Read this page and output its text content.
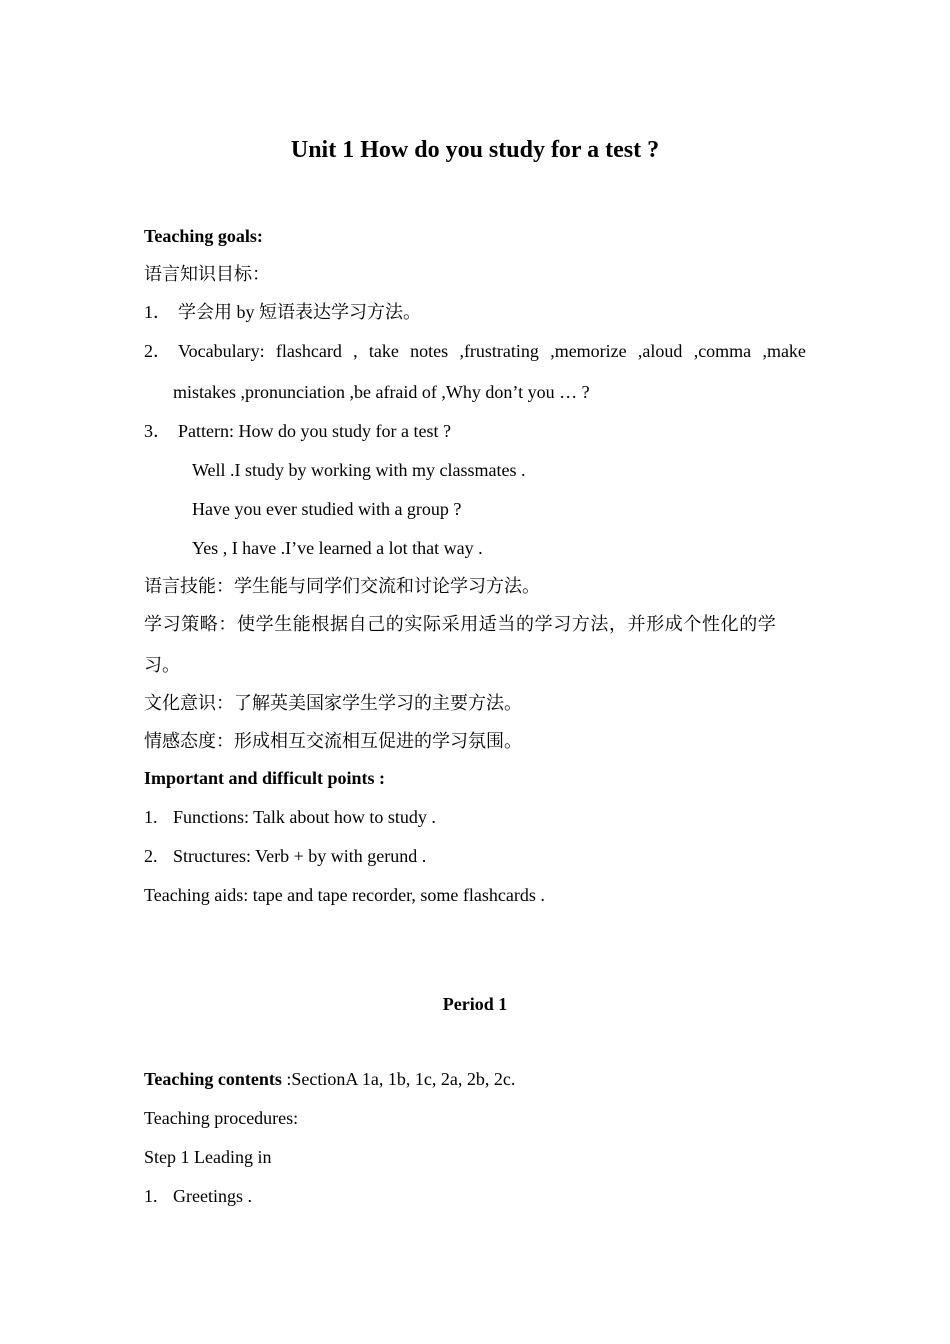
Unit 1 How do you study for a test ?
Teaching goals:
语言知识目标：
1． 学会用 by 短语表达学习方法。
2． Vocabulary: flashcard , take notes ,frustrating ,memorize ,aloud ,comma ,make
mistakes ,pronunciation ,be afraid of ,Why don’t you … ?
3． Pattern: How do you study for a test ?
Well .I study by working with my classmates .
Have you ever studied with a group ?
Yes , I have .I’ve learned a lot that way .
语言技能：学生能与同学们交流和讨论学习方法。
学习策略：使学生能根据自己的实际采用适当的学习方法，并形成个性化的学
习。
文化意识：了解英美国家学生学习的主要方法。
情感态度：形成相互交流相互促进的学习氛围。
Important and difficult points :
1. Functions: Talk about how to study .
2. Structures: Verb + by with gerund .
Teaching aids: tape and tape recorder, some flashcards .
Period 1
Teaching contents :SectionA 1a, 1b, 1c, 2a, 2b, 2c.
Teaching procedures:
Step 1 Leading in
1. Greetings .
